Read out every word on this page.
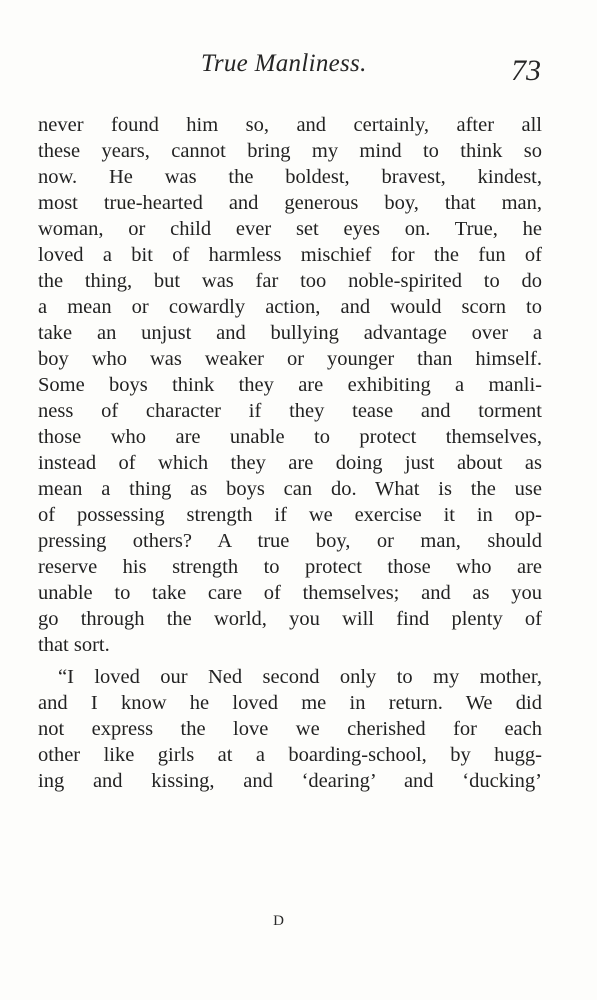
True Manliness.	73
never found him so, and certainly, after all
these years, cannot bring my mind to think so
now. He was the boldest, bravest, kindest,
most true-hearted and generous boy, that man,
woman, or child ever set eyes on. True, he
loved a bit of harmless mischief for the fun of
the thing, but was far too noble-spirited to do
a mean or cowardly action, and would scorn to
take an unjust and bullying advantage over a
boy who was weaker or younger than himself.
Some boys think they are exhibiting a manli-
ness of character if they tease and torment
those who are unable to protect themselves,
instead of which they are doing just about as
mean a thing as boys can do. What is the use
of possessing strength if we exercise it in op-
pressing others? A true boy, or man, should
reserve his strength to protect those who are
unable to take care of themselves; and as you
go through the world, you will find plenty of
that sort.
“I loved our Ned second only to my mother,
and I know he loved me in return. We did
not express the love we cherished for each
other like girls at a boarding-school, by hugg-
ing and kissing, and ‘dearing’ and ‘ducking’
D
